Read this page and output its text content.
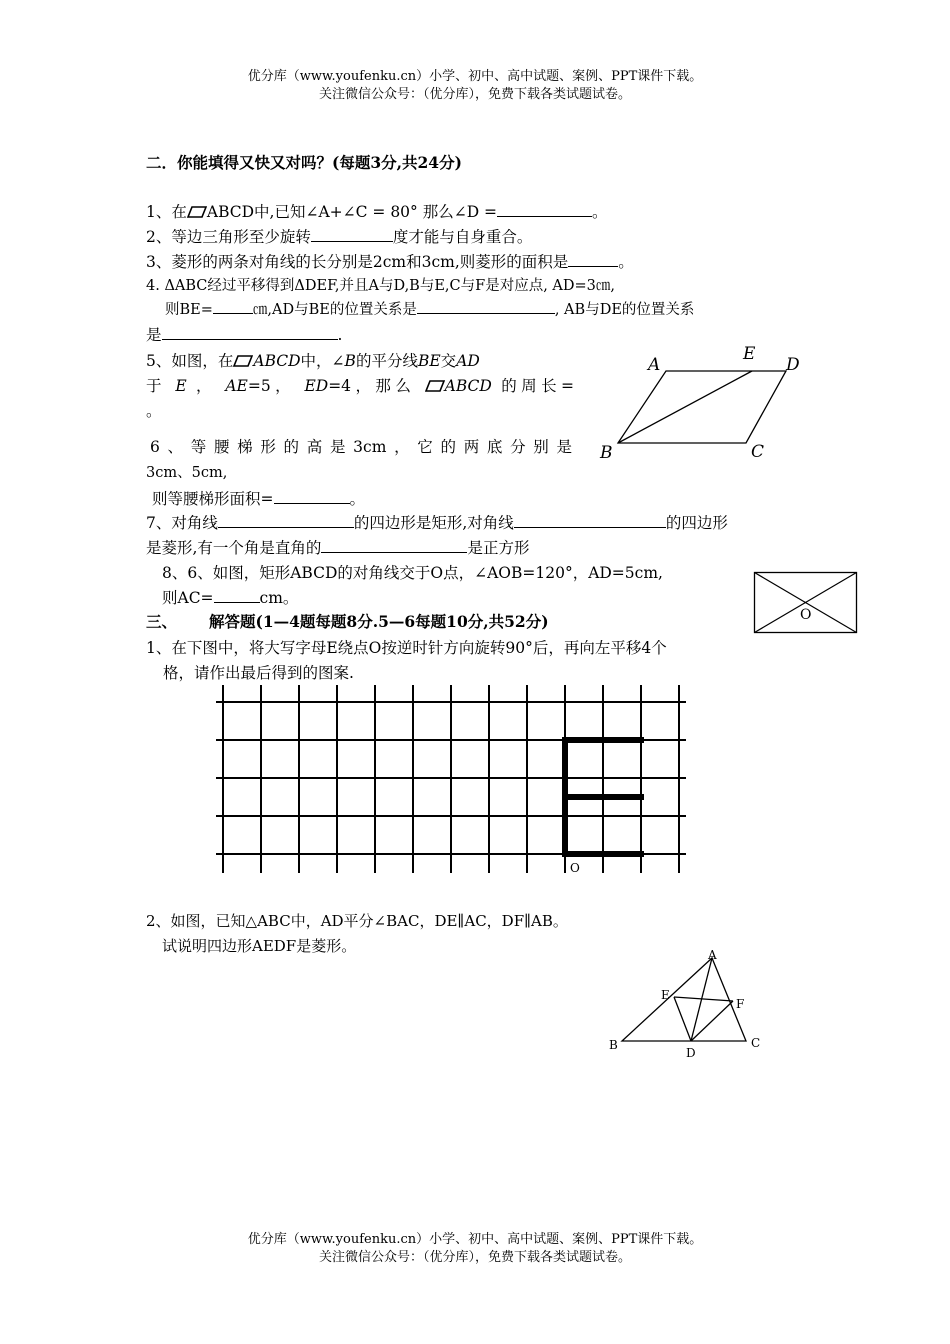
优分库（www.youfenku.cn）小学、初中、高中试题、案例、PPT课件下载。
关注微信公众号：（优分库），免费下载各类试题试卷。
二．你能填得又快又对吗？(每题3分,共24分)
1、在 ABCD中,已知∠A+∠C = 80° 那么∠D =	。
2、等边三角形至少旋转	度才能与自身重合。
3、菱形的两条对角线的长分别是2cm和3cm,则菱形的面积是	。
4. ΔABC经过平移得到ΔDEF,并且A与D,B与E,C与F是对应点, AD=3㎝,
则BE=	㎝,AD与BE的位置关系是	, AB与DE的位置关系
是	.
5、如图，在 ABCD中，∠B的平分线BE交AD
于 E ， AE=5， ED=4，那么 ABCD 的周长=
。
A
E
D
B	C
6、等腰梯形的高是3cm，它的两底分别是
3cm、5cm,
则等腰梯形面积=	。
7、对角线	的四边形是矩形,对角线	的四边形
是菱形,有一个角是直角的	是正方形
8、6、如图，矩形ABCD的对角线交于O点，∠AOB=120°，AD=5cm,
则AC=	cm。
O
三、 解答题(1—4题每题8分.5—6每题10分,共52分)
1、在下图中，将大写字母E绕点O按逆时针方向旋转90°后，再向左平移4个
格，请作出最后得到的图案.
O
2、如图，已知△ABC中，AD平分∠BAC，DE∥AC，DF∥AB。
试说明四边形AEDF是菱形。	A
E
F
B
D
C
优分库（www.youfenku.cn）小学、初中、高中试题、案例、PPT课件下载。
关注微信公众号：（优分库），免费下载各类试题试卷。
